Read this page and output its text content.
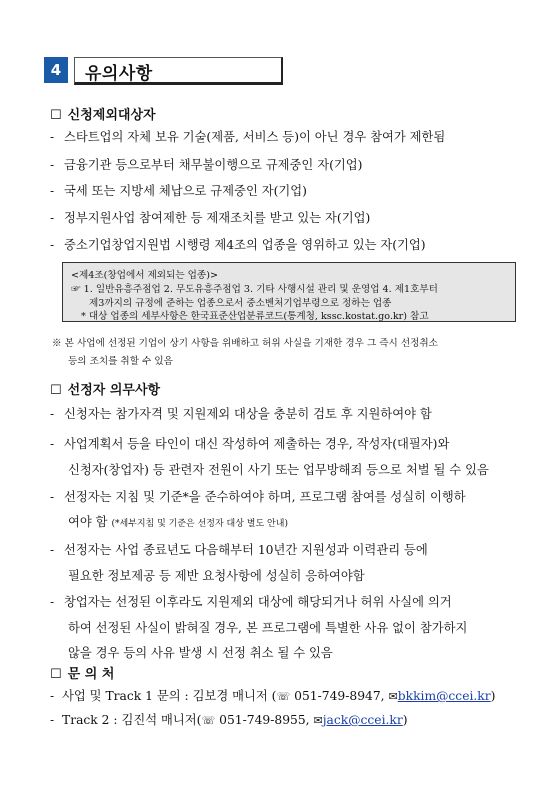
4	유의사항
☐ 신청제외대상자
- 스타트업의 자체 보유 기술(제품, 서비스 등)이 아닌 경우 참여가 제한됨
- 금융기관 등으로부터 채무불이행으로 규제중인 자(기업)
- 국세 또는 지방세 체납으로 규제중인 자(기업)
- 정부지원사업 참여제한 등 제재조치를 받고 있는 자(기업)
- 중소기업창업지원법 시행령 제4조의 업종을 영위하고 있는 자(기업)
<제4조(창업에서 제외되는 업종)>
☞ 1. 일반유흥주점업 2. 무도유흥주점업 3. 기타 사행시설 관리 및 운영업 4. 제1호부터
제3까지의 규정에 준하는 업종으로서 중소벤처기업부령으로 정하는 업종
* 대상 업종의 세부사항은 한국표준산업분류코드(통계청, kssc.kostat.go.kr) 참고
※ 본 사업에 선정된 기업이 상기 사항을 위배하고 허위 사실을 기재한 경우 그 즉시 선정취소
등의 조치를 취할 수 있음
☐ 선정자 의무사항
- 신청자는 참가자격 및 지원제외 대상을 충분히 검토 후 지원하여야 함
- 사업계획서 등을 타인이 대신 작성하여 제출하는 경우, 작성자(대필자)와
신청자(창업자) 등 관련자 전원이 사기 또는 업무방해죄 등으로 처벌 될 수 있음
- 선정자는 지침 및 기준*을 준수하여야 하며, 프로그램 참여를 성실히 이행하
여야 함 (*세부지침 및 기준은 선정자 대상 별도 안내)
- 선정자는 사업 종료년도 다음해부터 10년간 지원성과 이력관리 등에
필요한 정보제공 등 제반 요청사항에 성실히 응하여야함
- 창업자는 선정된 이후라도 지원제외 대상에 해당되거나 허위 사실에 의거
하여 선정된 사실이 밝혀질 경우, 본 프로그램에 특별한 사유 없이 참가하지
않을 경우 등의 사유 발생 시 선정 취소 될 수 있음
☐ 문 의 처
- 사업 및 Track 1 문의 : 김보경 매니저 (☏ 051-749-8947, ✉bkkim@ccei.kr)
- Track 2 : 김진석 매니저(☏ 051-749-8955, ✉jack@ccei.kr)
